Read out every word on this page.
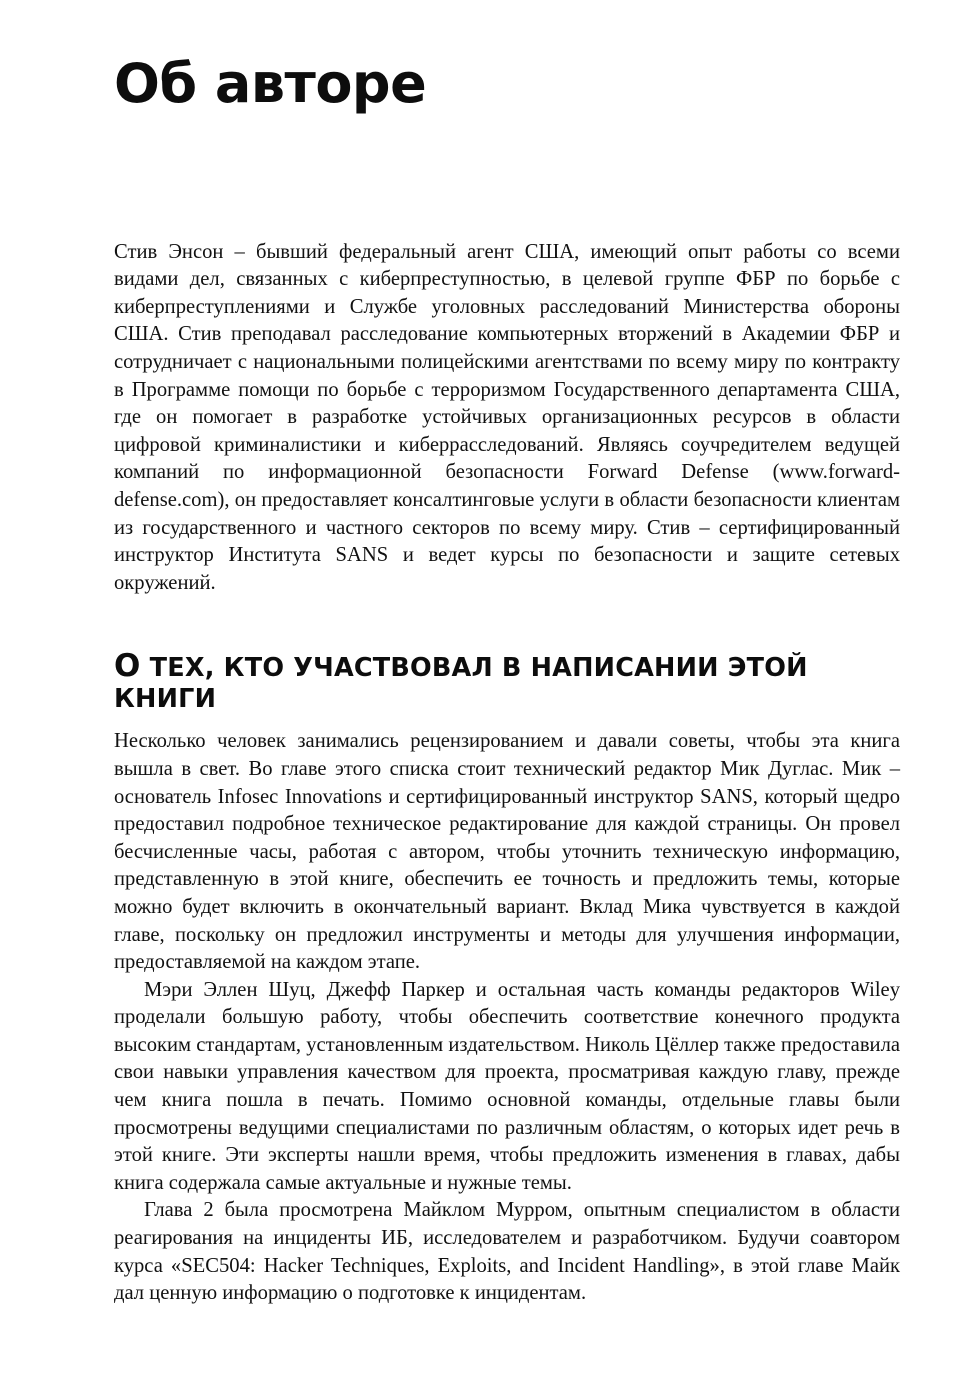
Об авторе

Стив Энсон – бывший федеральный агент США, имеющий опыт работы со всеми видами дел, связанных с киберпреступностью, в целевой группе ФБР по борьбе с киберпреступлениями и Службе уголовных расследований Министерства обороны США. Стив преподавал расследование компьютерных вторжений в Академии ФБР и сотрудничает с национальными полицейскими агентствами по всему миру по контракту в Программе помощи по борьбе с терроризмом Государственного департамента США, где он помогает в разработке устойчивых организационных ресурсов в области цифровой криминалистики и киберрасследований. Являясь соучредителем ведущей компаний по информационной безопасности Forward Defense (www.forward-defense.com), он предоставляет консалтинговые услуги в области безопасности клиентам из государственного и частного секторов по всему миру. Стив – сертифицированный инструктор Института SANS и ведет курсы по безопасности и защите сетевых окружений.

О ТЕХ, КТО УЧАСТВОВАЛ В НАПИСАНИИ ЭТОЙ КНИГИ

Несколько человек занимались рецензированием и давали советы, чтобы эта книга вышла в свет. Во главе этого списка стоит технический редактор Мик Дуглас. Мик – основатель Infosec Innovations и сертифицированный инструктор SANS, который щедро предоставил подробное техническое редактирование для каждой страницы. Он провел бесчисленные часы, работая с автором, чтобы уточнить техническую информацию, представленную в этой книге, обеспечить ее точность и предложить темы, которые можно будет включить в окончательный вариант. Вклад Мика чувствуется в каждой главе, поскольку он предложил инструменты и методы для улучшения информации, предоставляемой на каждом этапе.

Мэри Эллен Шуц, Джефф Паркер и остальная часть команды редакторов Wiley проделали большую работу, чтобы обеспечить соответствие конечного продукта высоким стандартам, установленным издательством. Николь Цёллер также предоставила свои навыки управления качеством для проекта, просматривая каждую главу, прежде чем книга пошла в печать. Помимо основной команды, отдельные главы были просмотрены ведущими специалистами по различным областям, о которых идет речь в этой книге. Эти эксперты нашли время, чтобы предложить изменения в главах, дабы книга содержала самые актуальные и нужные темы.

Глава 2 была просмотрена Майклом Мурром, опытным специалистом в области реагирования на инциденты ИБ, исследователем и разработчиком. Будучи соавтором курса «SEC504: Hacker Techniques, Exploits, and Incident Handling», в этой главе Майк дал ценную информацию о подготовке к инцидентам.
